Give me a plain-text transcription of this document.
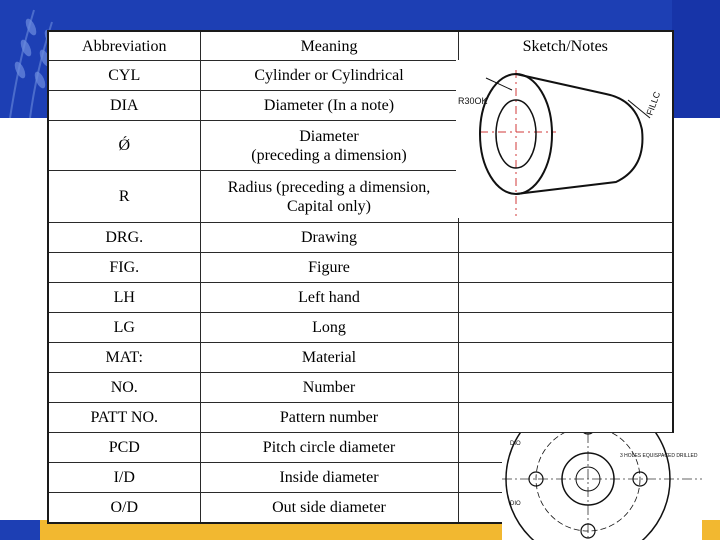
Abbreviation	Meaning	Sketch/Notes
CYL	Cylinder or Cylindrical	
DIA	Diameter (In a note)	
Ǿ	Diameter
(preceding a dimension)	
R	Radius (preceding a dimension,
Capital only)	
DRG.	Drawing	
FIG.	Figure	
LH	Left hand	
LG	Long	
MAT:	Material	
NO.	Number	
PATT NO.	Pattern number	
PCD	Pitch circle diameter	
I/D	Inside diameter	
O/D	Out side diameter	
R30OK	FILLC
DIO
3 HOLES EQUISPACED DRILLED
DIO
